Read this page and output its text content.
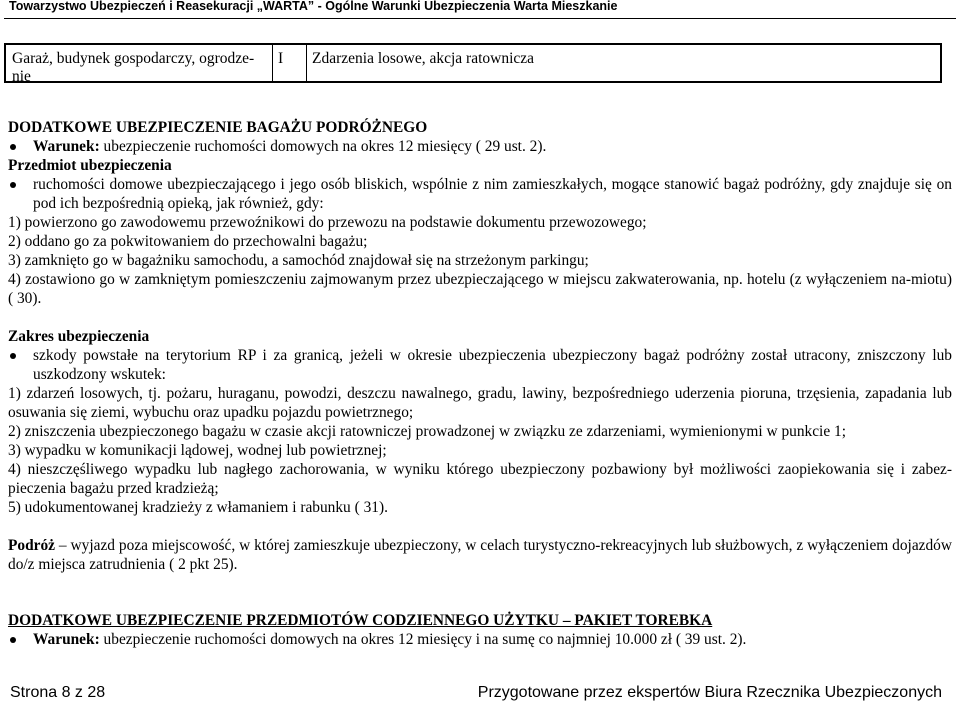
Towarzystwo Ubezpieczeń i Reasekuracji „WARTA” - Ogólne Warunki Ubezpieczenia Warta Mieszkanie
Garaż, budynek gospodarczy, ogrodze-nie
I Zdarzenia losowe, akcja ratownicza

DODATKOWE UBEZPIECZENIE BAGAŻU PODRÓŻNEGO

Warunek: ubezpieczenie ruchomości domowych na okres 12 miesięcy ( 29 ust. 2).

Przedmiot ubezpieczenia

ruchomości domowe ubezpieczającego i jego osób bliskich, wspólnie z nim zamieszkałych, mogące stanowić bagaż podróżny, gdy znajduje się on pod ich bezpośrednią opieką, jak również, gdy:

1) powierzono go zawodowemu przewoźnikowi do przewozu na podstawie dokumentu przewozowego;

2) oddano go za pokwitowaniem do przechowalni bagażu;

3) zamknięto go w bagażniku samochodu, a samochód znajdował się na strzeżonym parkingu;

4) zostawiono go w zamkniętym pomieszczeniu zajmowanym przez ubezpieczającego w miejscu zakwaterowania, np. hotelu (z wyłączeniem na-miotu) ( 30).

Zakres ubezpieczenia

szkody powstałe na terytorium RP i za granicą, jeżeli w okresie ubezpieczenia ubezpieczony bagaż podróżny został utracony, zniszczony lub uszkodzony wskutek:

1) zdarzeń losowych, tj. pożaru, huraganu, powodzi, deszczu nawalnego, gradu, lawiny, bezpośredniego uderzenia pioruna, trzęsienia, zapadania lub osuwania się ziemi, wybuchu oraz upadku pojazdu powietrznego;

2) zniszczenia ubezpieczonego bagażu w czasie akcji ratowniczej prowadzonej w związku ze zdarzeniami, wymienionymi w punkcie 1;

3) wypadku w komunikacji lądowej, wodnej lub powietrznej;

4) nieszczęśliwego wypadku lub nagłego zachorowania, w wyniku którego ubezpieczony pozbawiony był możliwości zaopiekowania się i zabez-pieczenia bagażu przed kradzieżą;

5) udokumentowanej kradzieży z włamaniem i rabunku ( 31).

Podróż – wyjazd poza miejscowość, w której zamieszkuje ubezpieczony, w celach turystyczno-rekreacyjnych lub służbowych, z wyłączeniem dojazdów do/z miejsca zatrudnienia ( 2 pkt 25).

DODATKOWE UBEZPIECZENIE PRZEDMIOTÓW CODZIENNEGO UŻYTKU – PAKIET TOREBKA

Warunek: ubezpieczenie ruchomości domowych na okres 12 miesięcy i na sumę co najmniej 10.000 zł ( 39 ust. 2).

Strona 8 z 28	Przygotowane przez ekspertów Biura Rzecznika Ubezpieczonych
